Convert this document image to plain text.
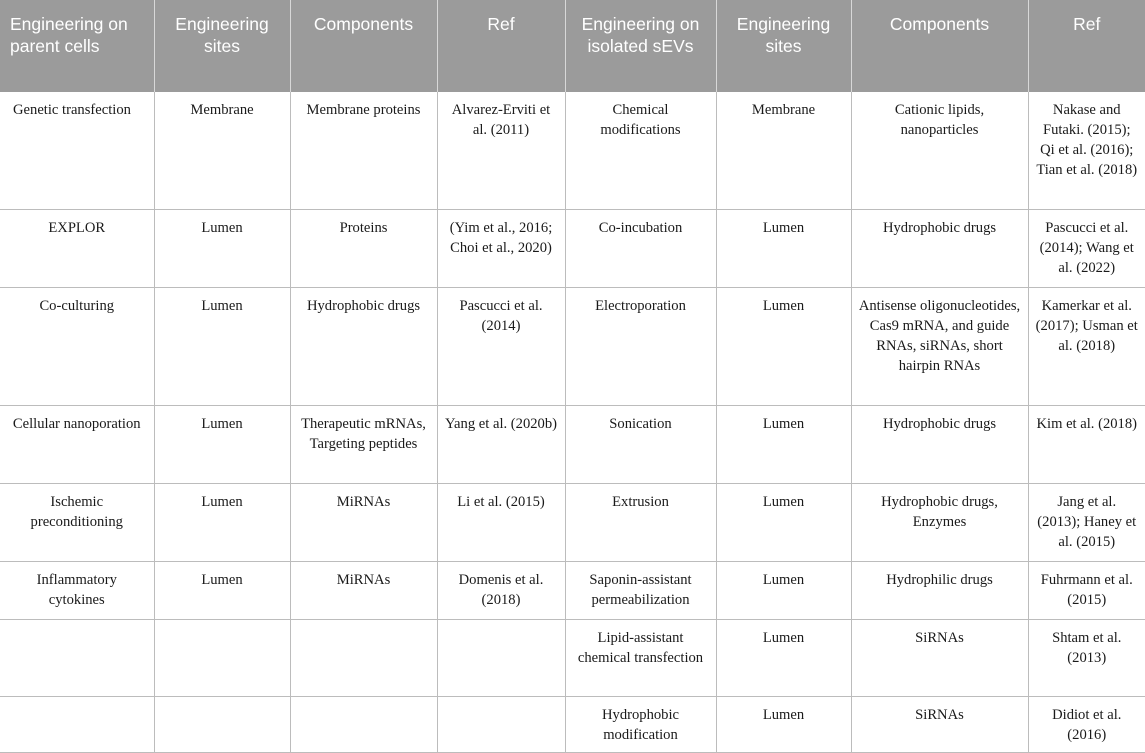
Engineering on parent cells	Engineering sites	Components	Ref	Engineering on isolated sEVs	Engineering sites	Components	Ref
Genetic transfection	Membrane	Membrane proteins	Alvarez-Erviti et al. (2011)	Chemical modifications	Membrane	Cationic lipids, nanoparticles	Nakase and Futaki. (2015); Qi et al. (2016); Tian et al. (2018)
EXPLOR	Lumen	Proteins	(Yim et al., 2016; Choi et al., 2020)	Co-incubation	Lumen	Hydrophobic drugs	Pascucci et al. (2014); Wang et al. (2022)
Co-culturing	Lumen	Hydrophobic drugs	Pascucci et al. (2014)	Electroporation	Lumen	Antisense oligonucleotides, Cas9 mRNA, and guide RNAs, siRNAs, short hairpin RNAs	Kamerkar et al. (2017); Usman et al. (2018)
Cellular nanoporation	Lumen	Therapeutic mRNAs, Targeting peptides	Yang et al. (2020b)	Sonication	Lumen	Hydrophobic drugs	Kim et al. (2018)
Ischemic preconditioning	Lumen	MiRNAs	Li et al. (2015)	Extrusion	Lumen	Hydrophobic drugs, Enzymes	Jang et al. (2013); Haney et al. (2015)
Inflammatory cytokines	Lumen	MiRNAs	Domenis et al. (2018)	Saponin-assistant permeabilization	Lumen	Hydrophilic drugs	Fuhrmann et al. (2015)
				Lipid-assistant chemical transfection	Lumen	SiRNAs	Shtam et al. (2013)
				Hydrophobic modification	Lumen	SiRNAs	Didiot et al. (2016)
